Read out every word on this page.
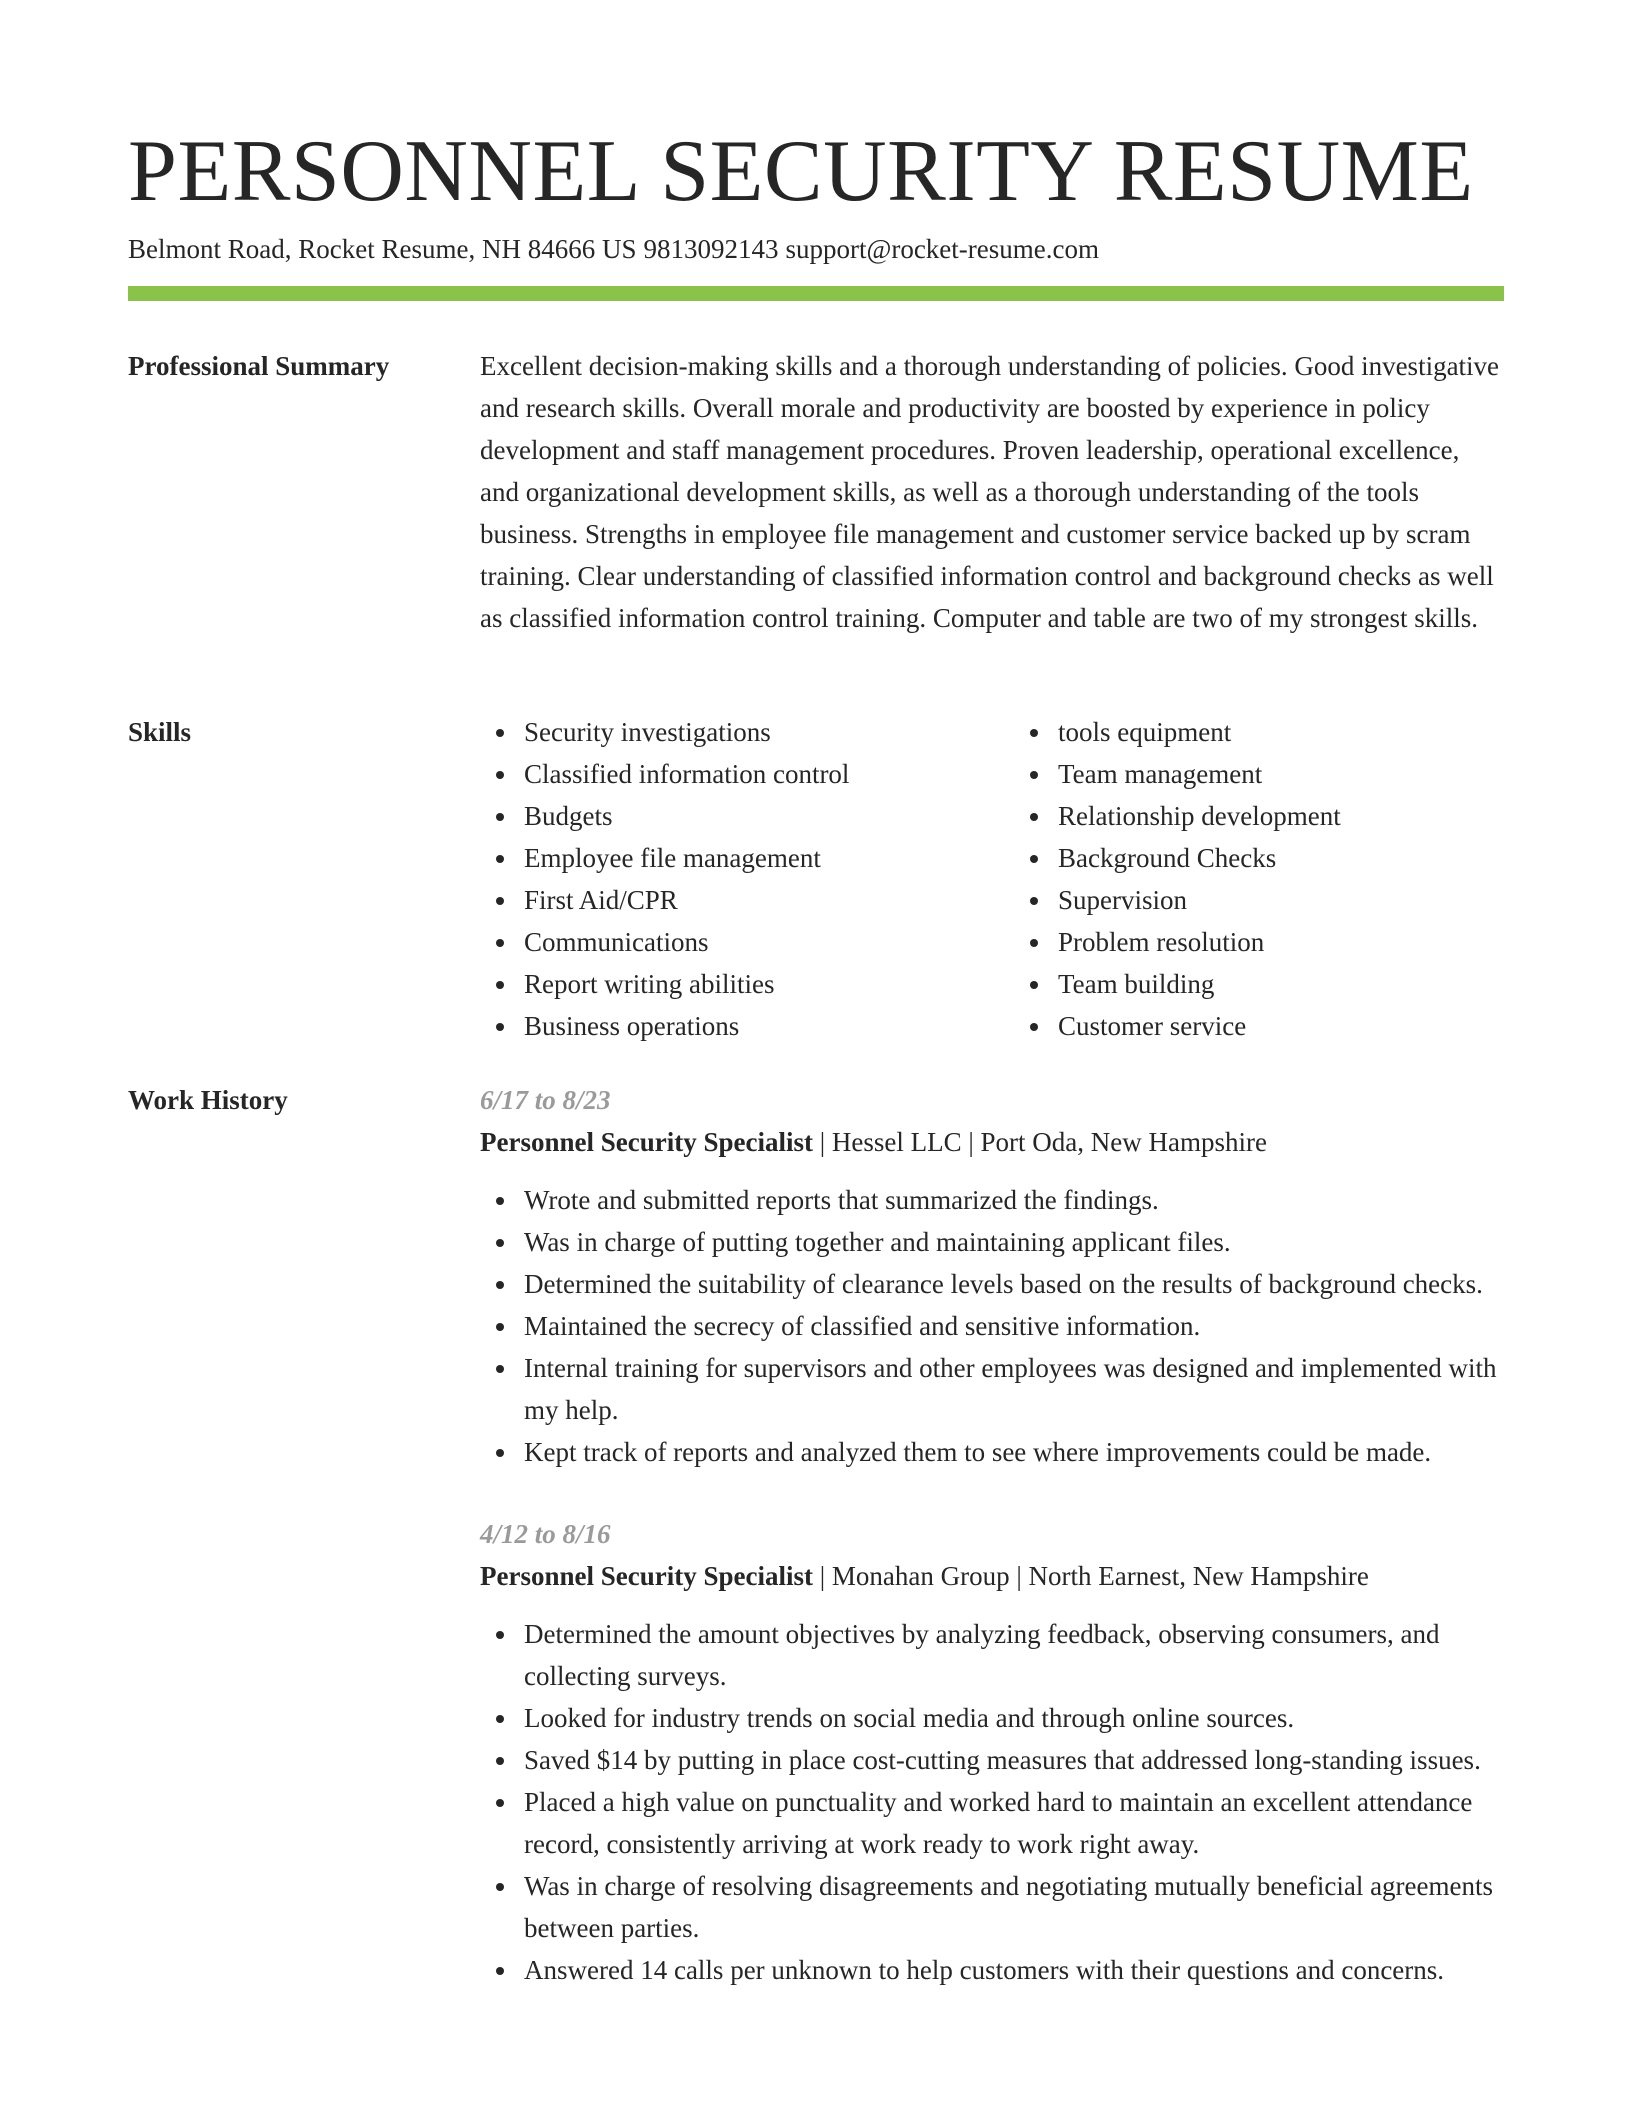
PERSONNEL SECURITY RESUME
Belmont Road, Rocket Resume, NH 84666 US 9813092143 support@rocket-resume.com
Professional Summary	Excellent decision-making skills and a thorough understanding of policies. Good investigative and research skills. Overall morale and productivity are boosted by experience in policy development and staff management procedures. Proven leadership, operational excellence, and organizational development skills, as well as a thorough understanding of the tools business. Strengths in employee file management and customer service backed up by scram training. Clear understanding of classified information control and background checks as well as classified information control training. Computer and table are two of my strongest skills.

Skills	Security investigations
Classified information control
Budgets
Employee file management
First Aid/CPR
Communications
Report writing abilities
Business operations
tools equipment
Team management
Relationship development
Background Checks
Supervision
Problem resolution
Team building
Customer service
Work History	6/17 to 8/23
Personnel Security Specialist | Hessel LLC | Port Oda, New Hampshire
Wrote and submitted reports that summarized the findings.
Was in charge of putting together and maintaining applicant files.
Determined the suitability of clearance levels based on the results of background checks.
Maintained the secrecy of classified and sensitive information.
Internal training for supervisors and other employees was designed and implemented with my help.
Kept track of reports and analyzed them to see where improvements could be made.
4/12 to 8/16
Personnel Security Specialist | Monahan Group | North Earnest, New Hampshire
Determined the amount objectives by analyzing feedback, observing consumers, and collecting surveys.
Looked for industry trends on social media and through online sources.
Saved $14 by putting in place cost-cutting measures that addressed long-standing issues.
Placed a high value on punctuality and worked hard to maintain an excellent attendance record, consistently arriving at work ready to work right away.
Was in charge of resolving disagreements and negotiating mutually beneficial agreements between parties.
Answered 14 calls per unknown to help customers with their questions and concerns.
